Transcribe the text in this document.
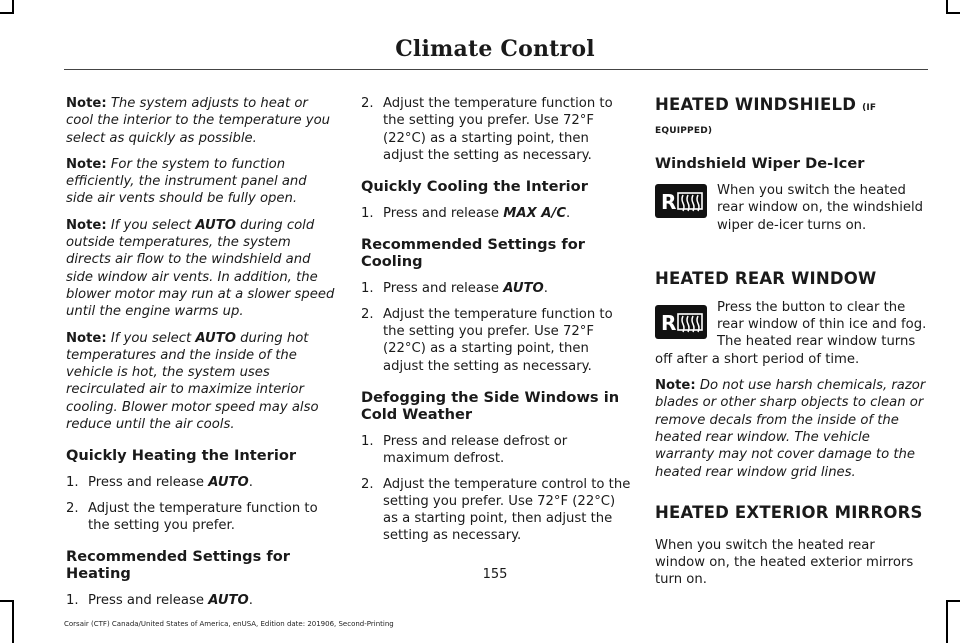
Climate Control

Note: The system adjusts to heat or cool the interior to the temperature you select as quickly as possible.

Note: For the system to function efficiently, the instrument panel and side air vents should be fully open.

Note: If you select AUTO during cold outside temperatures, the system directs air flow to the windshield and side window air vents. In addition, the blower motor may run at a slower speed until the engine warms up.

Note: If you select AUTO during hot temperatures and the inside of the vehicle is hot, the system uses recirculated air to maximize interior cooling. Blower motor speed may also reduce until the air cools.

Quickly Heating the Interior
1. Press and release AUTO.
2. Adjust the temperature function to the setting you prefer.
Recommended Settings for Heating
1. Press and release AUTO.
2. Adjust the temperature function to the setting you prefer. Use 72°F (22°C) as a starting point, then adjust the setting as necessary.
Quickly Cooling the Interior
1. Press and release MAX A/C.
Recommended Settings for Cooling
1. Press and release AUTO.
2. Adjust the temperature function to the setting you prefer. Use 72°F (22°C) as a starting point, then adjust the setting as necessary.
Defogging the Side Windows in Cold Weather
1. Press and release defrost or maximum defrost.
2. Adjust the temperature control to the setting you prefer. Use 72°F (22°C) as a starting point, then adjust the setting as necessary.
HEATED WINDSHIELD (IF EQUIPPED)
Windshield Wiper De-Icer
R	When you switch the heated rear window on, the windshield wiper de-icer turns on.

HEATED REAR WINDOW
R

Press the button to clear the rear window of thin ice and fog. The heated rear window turns off after a short period of time.

Note: Do not use harsh chemicals, razor blades or other sharp objects to clean or remove decals from the inside of the heated rear window. The vehicle warranty may not cover damage to the heated rear window grid lines.

HEATED EXTERIOR MIRRORS

When you switch the heated rear window on, the heated exterior mirrors turn on.

155
Corsair (CTF) Canada/United States of America, enUSA, Edition date: 201906, Second-Printing
